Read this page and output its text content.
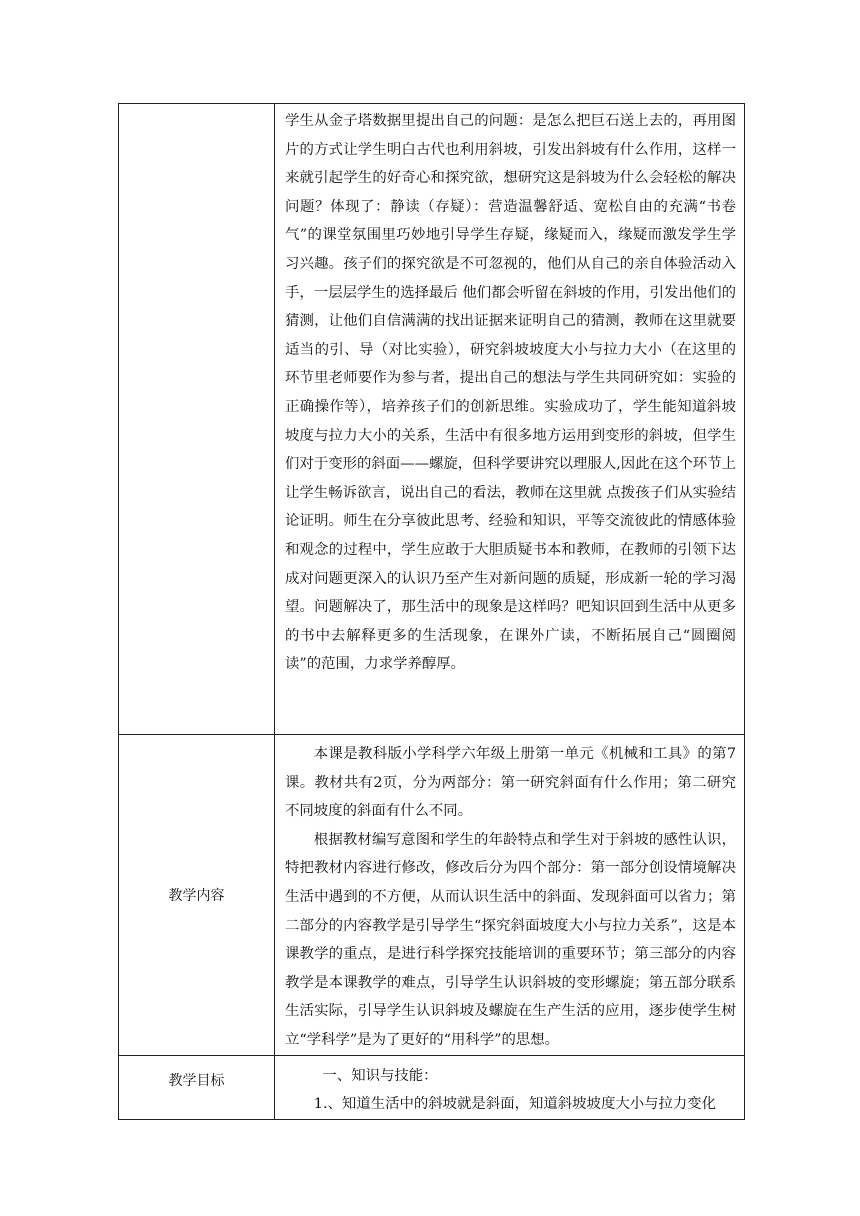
	学生从金子塔数据里提出自己的问题：是怎么把巨石送上去的，再用图片的方式让学生明白古代也利用斜坡，引发出斜坡有什么作用，这样一来就引起学生的好奇心和探究欲，想研究这是斜坡为什么会轻松的解决问题？体现了：静读（存疑）：营造温馨舒适、宽松自由的充满“书卷气”的课堂氛围里巧妙地引导学生存疑，缘疑而入，缘疑而激发学生学习兴趣。孩子们的探究欲是不可忽视的，他们从自己的亲自体验活动入手，一层层学生的选择最后 他们都会听留在斜坡的作用，引发出他们的猜测，让他们自信满满的找出证据来证明自己的猜测，教师在这里就要适当的引、导（对比实验），研究斜坡坡度大小与拉力大小（在这里的环节里老师要作为参与者，提出自己的想法与学生共同研究如：实验的正确操作等），培养孩子们的创新思维。实验成功了，学生能知道斜坡坡度与拉力大小的关系，生活中有很多地方运用到变形的斜坡，但学生们对于变形的斜面——螺旋，但科学要讲究以理服人,因此在这个环节上让学生畅诉欲言，说出自己的看法，教师在这里就 点拨孩子们从实验结论证明。师生在分享彼此思考、经验和知识，平等交流彼此的情感体验和观念的过程中，学生应敢于大胆质疑书本和教师，在教师的引领下达成对问题更深入的认识乃至产生对新问题的质疑，形成新一轮的学习渴望。问题解决了，那生活中的现象是这样吗？吧知识回到生活中从更多的书中去解释更多的生活现象，在课外广读，不断拓展自己“圆圈阅读”的范围，力求学养醇厚。

教学内容	本课是教科版小学科学六年级上册第一单元《机械和工具》的第7课。教材共有2页，分为两部分：第一研究斜面有什么作用；第二研究不同坡度的斜面有什么不同。

根据教材编写意图和学生的年龄特点和学生对于斜坡的感性认识，特把教材内容进行修改，修改后分为四个部分：第一部分创设情境解决生活中遇到的不方便，从而认识生活中的斜面、发现斜面可以省力；第二部分的内容教学是引导学生“探究斜面坡度大小与拉力关系”，这是本课教学的重点，是进行科学探究技能培训的重要环节；第三部分的内容教学是本课教学的难点，引导学生认识斜坡的变形螺旋；第五部分联系生活实际，引导学生认识斜坡及螺旋在生产生活的应用，逐步使学生树立“学科学”是为了更好的“用科学”的思想。

教学目标	一、知识与技能：

1.、知道生活中的斜坡就是斜面，知道斜坡坡度大小与拉力变化
